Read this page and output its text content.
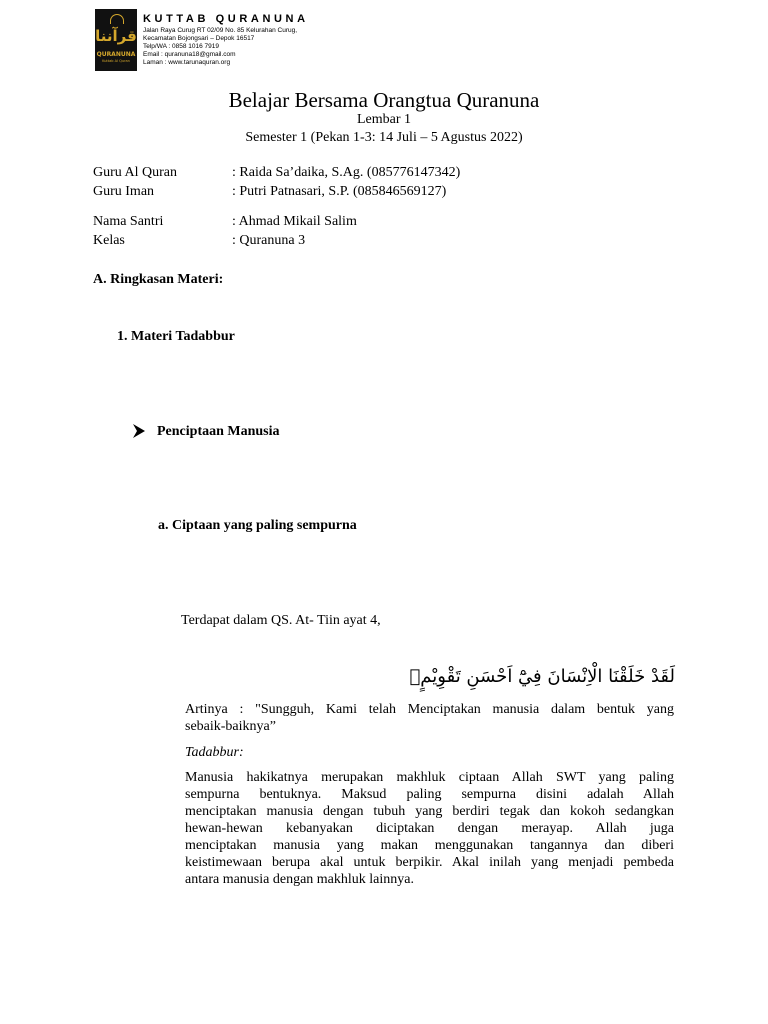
قرآننا
QURANUNA
Kuttab Al Quran
KUTTAB QURANUNA
Jalan Raya Curug RT 02/09 No. 85 Kelurahan Curug,
Kecamatan Bojongsari – Depok 16517
Telp/WA : 0858 1016 7919
Email : quranuna18@gmail.com
Laman : www.tarunaquran.org
Belajar Bersama Orangtua Quranuna
Lembar 1
Semester 1 (Pekan 1-3: 14 Juli – 5 Agustus 2022)
Guru Al Quran	: Raida Sa’daika, S.Ag. (085776147342)
Guru Iman	: Putri Patnasari, S.P. (085846569127)
Nama Santri	: Ahmad Mikail Salim
Kelas	: Quranuna 3
A. Ringkasan Materi:
1. Materi Tadabbur
Penciptaan Manusia
a. Ciptaan yang paling sempurna
Terdapat dalam QS. At- Tiin ayat 4,
لَقَدْ خَلَقْنَا الْاِنْسَانَ فِيْٓ اَحْسَنِ تَقْوِيْمٍۖ
Artinya : "Sungguh, Kami telah Menciptakan manusia dalam bentuk yang
sebaik-baiknya”
Tadabbur:
Manusia hakikatnya merupakan makhluk ciptaan Allah SWT yang paling
sempurna bentuknya. Maksud paling sempurna disini adalah Allah
menciptakan manusia dengan tubuh yang berdiri tegak dan kokoh sedangkan
hewan-hewan kebanyakan diciptakan dengan merayap. Allah juga
menciptakan manusia yang makan menggunakan tangannya dan diberi
keistimewaan berupa akal untuk berpikir. Akal inilah yang menjadi pembeda
antara manusia dengan makhluk lainnya.
